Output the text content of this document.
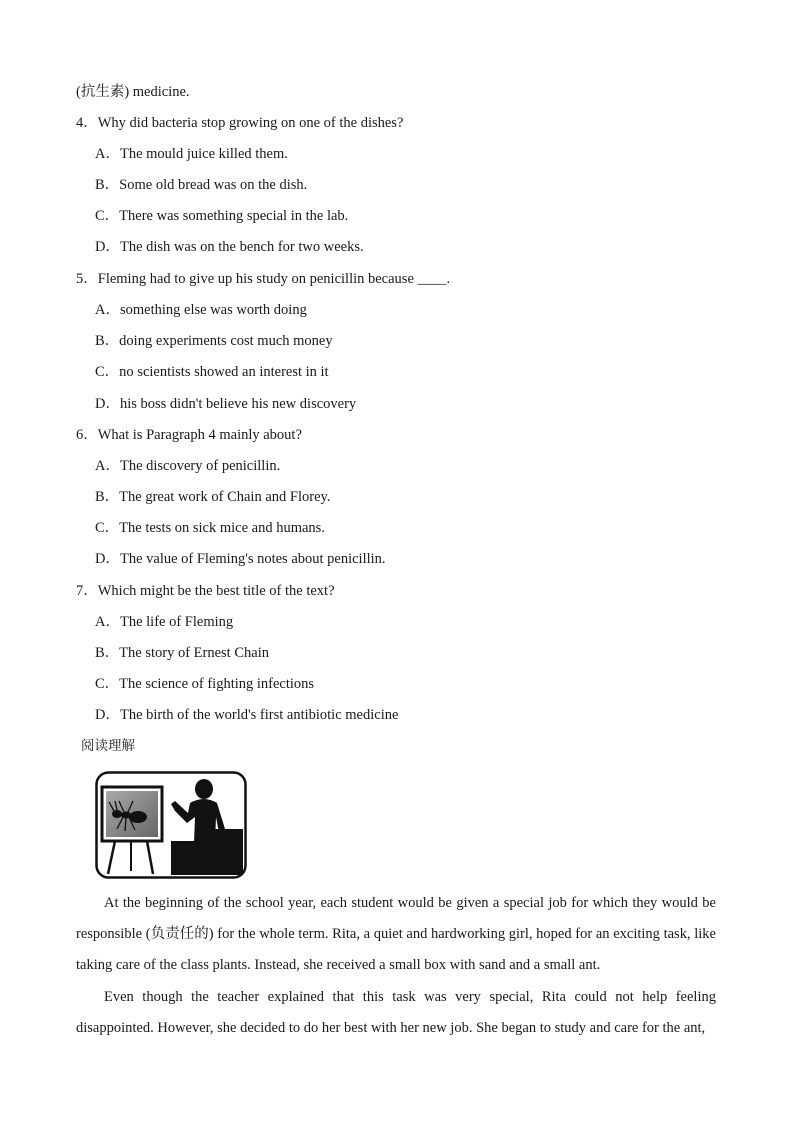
(抗生素) medicine.
4．Why did bacteria stop growing on one of the dishes?
A．The mould juice killed them.
B．Some old bread was on the dish.
C．There was something special in the lab.
D．The dish was on the bench for two weeks.
5．Fleming had to give up his study on penicillin because ____.
A．something else was worth doing
B．doing experiments cost much money
C．no scientists showed an interest in it
D．his boss didn't believe his new discovery
6．What is Paragraph 4 mainly about?
A．The discovery of penicillin.
B．The great work of Chain and Florey.
C．The tests on sick mice and humans.
D．The value of Fleming's notes about penicillin.
7．Which might be the best title of the text?
A．The life of Fleming
B．The story of Ernest Chain
C．The science of fighting infections
D．The birth of the world's first antibiotic medicine
阅读理解
At the beginning of the school year, each student would be given a special job for which they would be responsible (负责任的) for the whole term. Rita, a quiet and hardworking girl, hoped for an exciting task, like taking care of the class plants. Instead, she received a small box with sand and a small ant.
Even though the teacher explained that this task was very special, Rita could not help feeling disappointed. However, she decided to do her best with her new job. She began to study and care for the ant,
